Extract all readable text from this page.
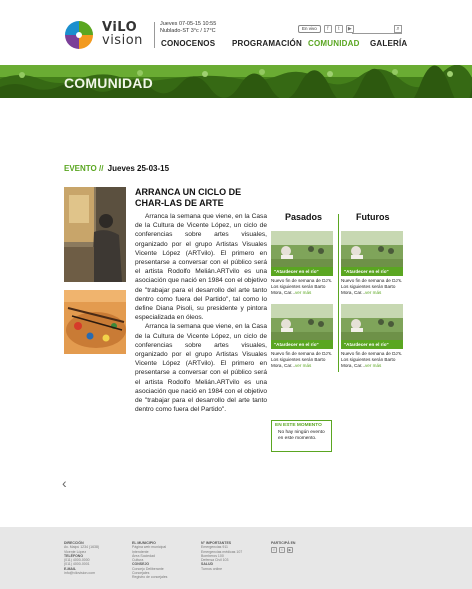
ViLO
vision
Jueves 07-05-15 10:55
Nublado-ST 3°c / 17°C	En vivo	f	t	▶	⌕
CONOCENOS PROGRAMACIÓN COMUNIDAD GALERÍA
COMUNIDAD
EVENTO // Jueves 25-03-15
ARRANCA UN CICLO DE CHAR-LAS DE ARTE

Arranca la semana que viene, en la Casa de la Cultura de Vicente López, un ciclo de conferencias sobre artes visuales, organizado por el grupo Artistas Visuales Vicente López (ARTvilo). El primero en presentarse a conversar con el público será el artista Rodolfo Melián.ARTvilo es una asociación que nació en 1984 con el objetivo de "trabajar para el desarrollo del arte tanto dentro como fuera del Partido", tal como lo define Diana Pisoli, su presidente y pintora especializada en óleos.

Arranca la semana que viene, en la Casa de la Cultura de Vicente López, un ciclo de conferencias sobre artes visuales, organizado por el grupo Artistas Visuales Vicente López (ARTvilo). El primero en presentarse a conversar con el público será el artista Rodolfo Melián.ARTvilo es una asociación que nació en 1984 con el objetivo de "trabajar para el desarrollo del arte tanto dentro como fuera del Partido".

Pasados	Futuros
"Atardecer en el río"
Nuevo fin de semana de DJ's. Los siguientes serán Barto Mora, Car...ver más
"Atardecer en el río"
Nuevo fin de semana de DJ's. Los siguientes serán Barto Mora, Car...ver más
"Atardecer en el río"
Nuevo fin de semana de DJ's. Los siguientes serán Barto Mora, Car...ver más
"Atardecer en el río"
Nuevo fin de semana de DJ's. Los siguientes serán Barto Mora, Car...ver más
EN ESTE MOMENTO
No hay ningún evento en este momento.
‹
DIRECCIÓN
Av. Maipú 1234 (1638)
Vicente López
TELÉFONO
(011) 4000-0000
(011) 4000-0001
E-MAIL
info@vilovision.com
EL MUNICIPIO
Página web municipal
Intendente
Área Sociedad
Cultura
CONSEJO
Concejo Deliberante
Concejales
Registro de concejales
N° IMPORTANTES
Emergencias 911
Emergencias médicas 107
Bomberos 100
Defensa Civil 103
SALUD
Turnos online
PARTICIPÁ EN
f	t	▶
